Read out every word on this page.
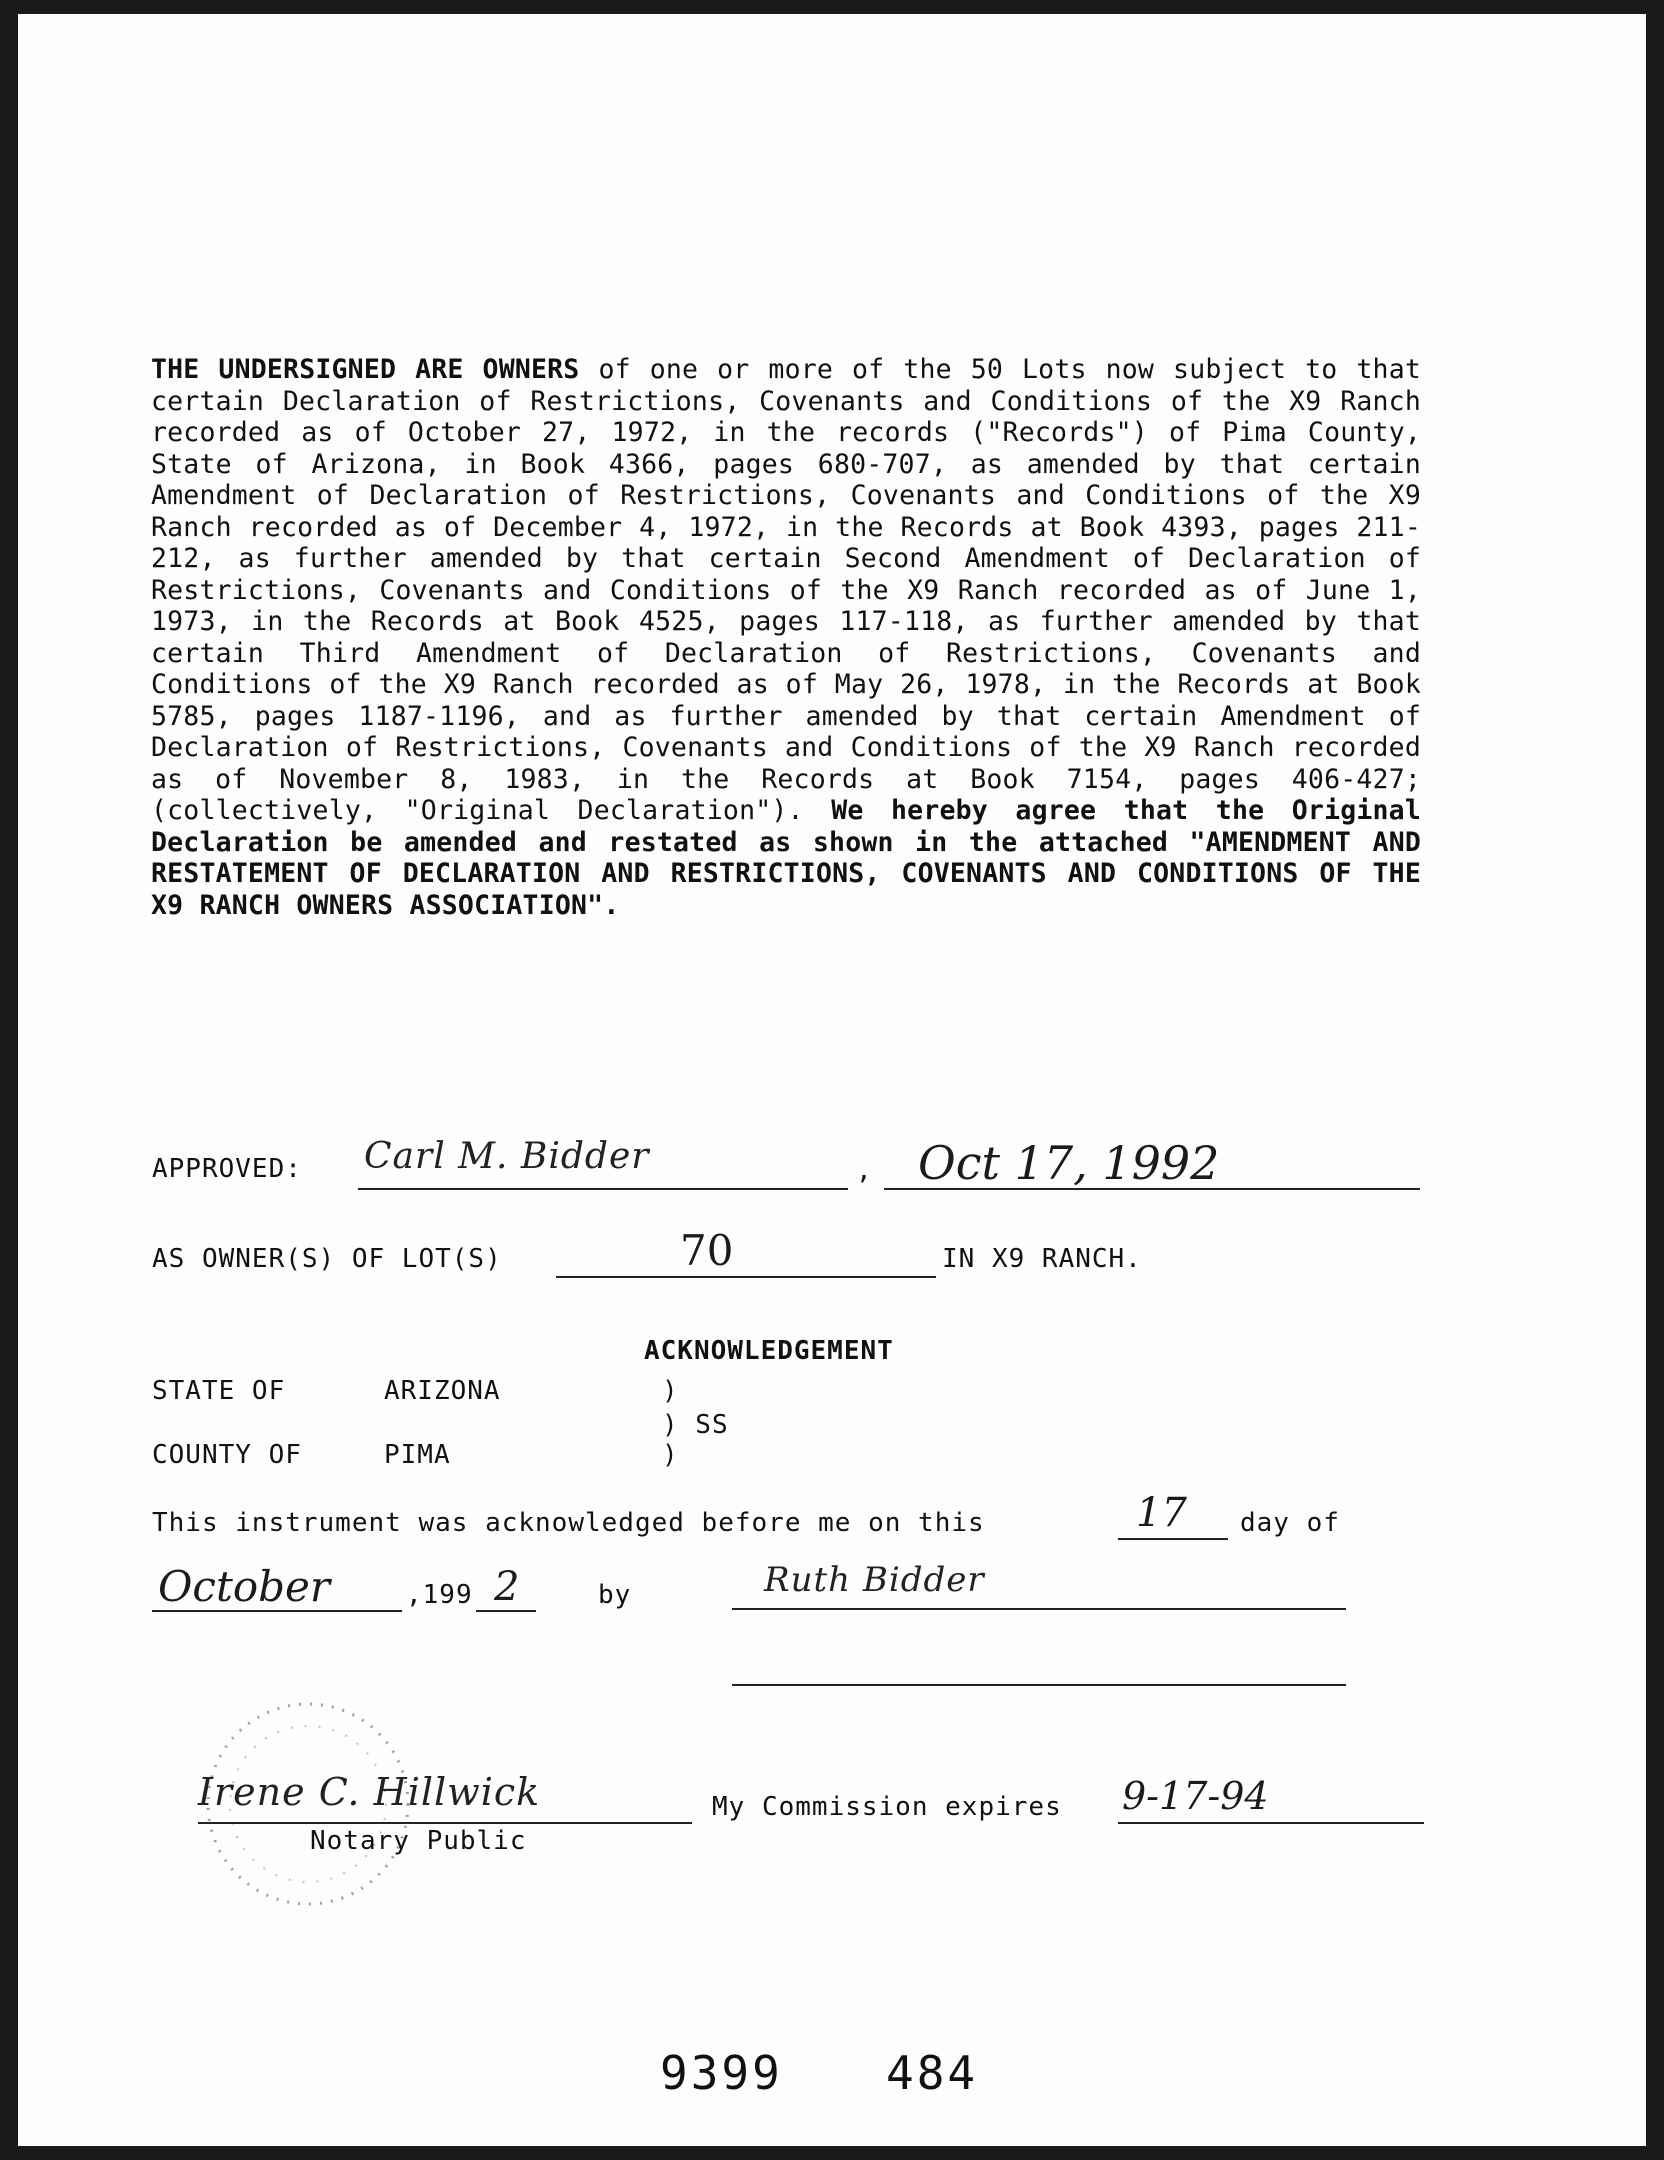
THE UNDERSIGNED ARE OWNERS of one or more of the 50 Lots now subject to that certain Declaration of Restrictions, Covenants and Conditions of the X9 Ranch recorded as of October 27, 1972, in the records ("Records") of Pima County, State of Arizona, in Book 4366, pages 680-707, as amended by that certain Amendment of Declaration of Restrictions, Covenants and Conditions of the X9 Ranch recorded as of December 4, 1972, in the Records at Book 4393, pages 211-212, as further amended by that certain Second Amendment of Declaration of Restrictions, Covenants and Conditions of the X9 Ranch recorded as of June 1, 1973, in the Records at Book 4525, pages 117-118, as further amended by that certain Third Amendment of Declaration of Restrictions, Covenants and Conditions of the X9 Ranch recorded as of May 26, 1978, in the Records at Book 5785, pages 1187-1196, and as further amended by that certain Amendment of Declaration of Restrictions, Covenants and Conditions of the X9 Ranch recorded as of November 8, 1983, in the Records at Book 7154, pages 406-427; (collectively, "Original Declaration"). We hereby agree that the Original Declaration be amended and restated as shown in the attached "AMENDMENT AND RESTATEMENT OF DECLARATION AND RESTRICTIONS, COVENANTS AND CONDITIONS OF THE X9 RANCH OWNERS ASSOCIATION".
APPROVED: Carl M. Bidder	, Oct 17, 1992
AS OWNER(S) OF LOT(S)	70	IN X9 RANCH.
ACKNOWLEDGEMENT
STATE OF	ARIZONA	)
) SS
COUNTY OF	PIMA	)
This instrument was acknowledged before me on this	17 day of
October	,199 2	by	Ruth Bidder
Irene C. Hillwick
Notary Public
My Commission expires 9-17-94
9399 484
